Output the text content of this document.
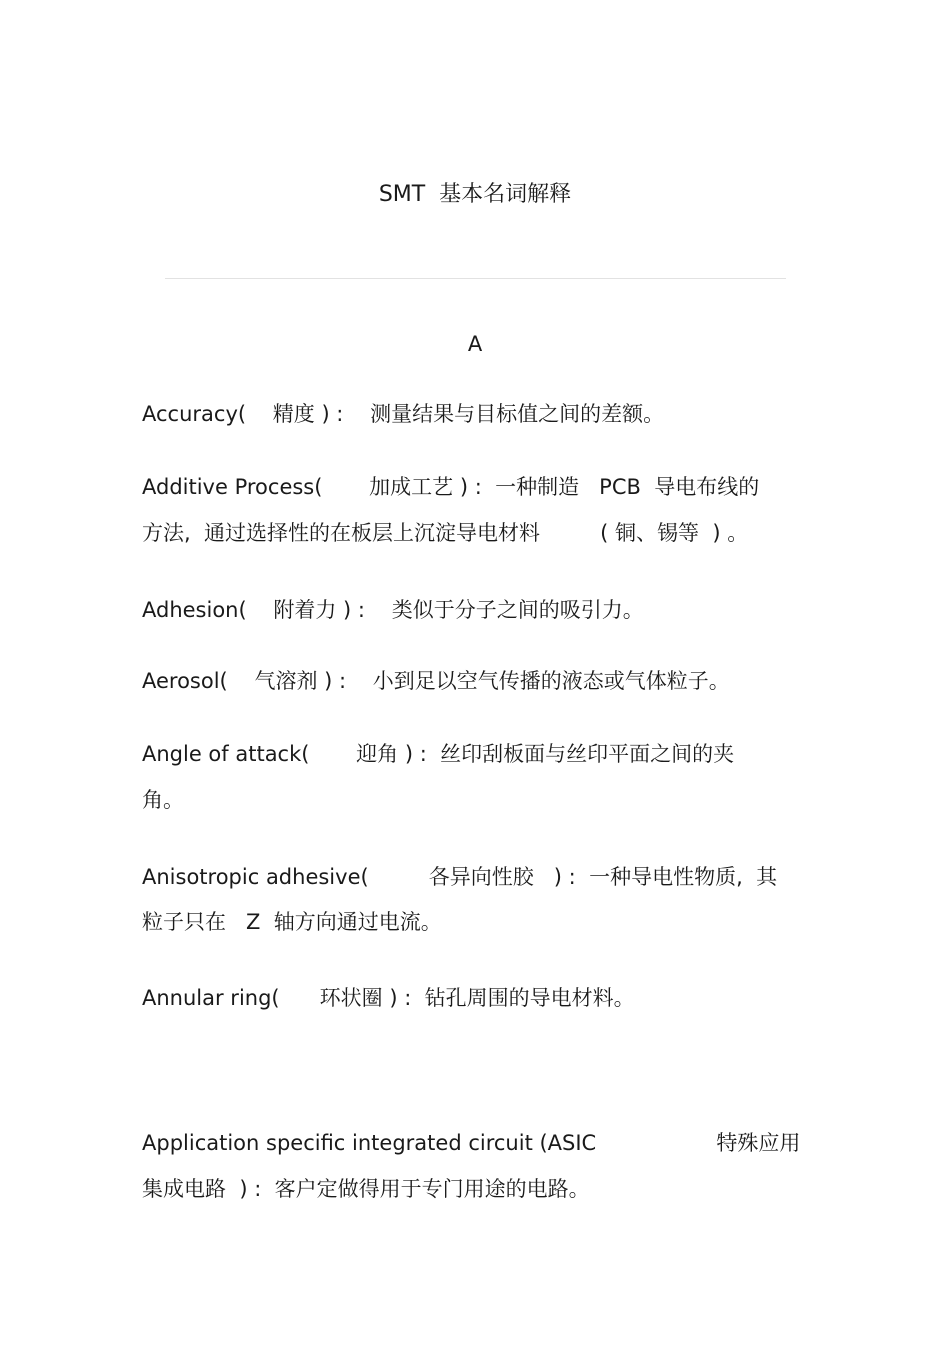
SMT  基本名词解释
A
Accuracy(    精度 ) :    测量结果与目标值之间的差额。
Additive Process(       加成工艺 ) :  一种制造   PCB  导电布线的
方法,  通过选择性的在板层上沉淀导电材料         ( 铜、锡等  ) 。
Adhesion(    附着力 ) :    类似于分子之间的吸引力。
Aerosol(    气溶剂 ) :    小到足以空气传播的液态或气体粒子。
Angle of attack(       迎角 ) :  丝印刮板面与丝印平面之间的夹
角。
Anisotropic adhesive(         各异向性胶   ) :  一种导电性物质,  其
粒子只在   Z  轴方向通过电流。
Annular ring(      环状圈 ) :  钻孔周围的导电材料。
Application specific integrated circuit (ASIC                  特殊应用
集成电路  ) :  客户定做得用于专门用途的电路。
